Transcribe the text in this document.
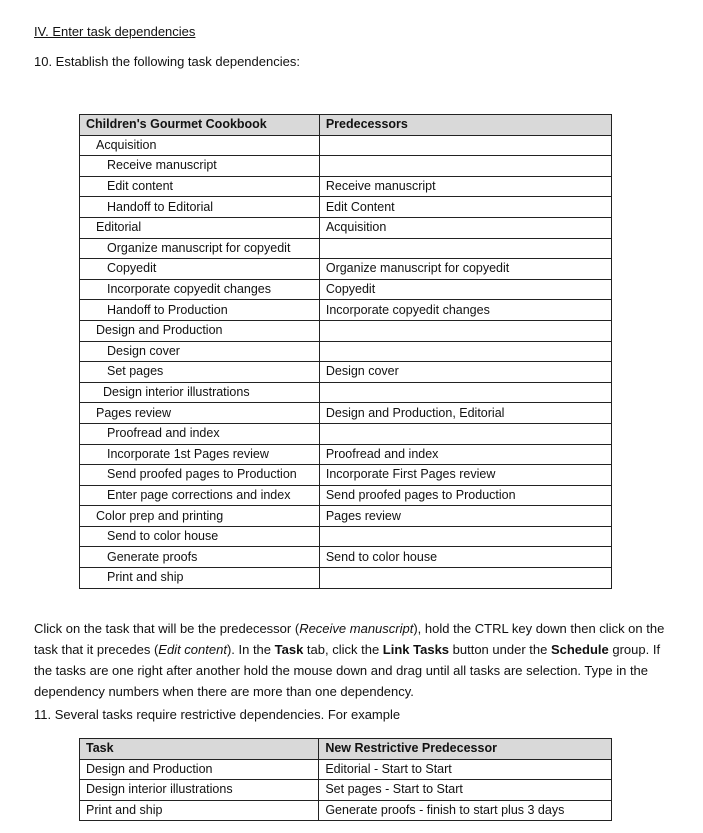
IV. Enter task dependencies
10. Establish the following task dependencies:
Children's Gourmet Cookbook	Predecessors
Acquisition	
Receive manuscript	
Edit content	Receive manuscript
Handoff to Editorial	Edit Content
Editorial	Acquisition
Organize manuscript for copyedit	
Copyedit	Organize manuscript for copyedit
Incorporate copyedit changes	Copyedit
Handoff to Production	Incorporate copyedit changes
Design and Production	
Design cover	
Set pages	Design cover
Design interior illustrations	
Pages review	Design and Production, Editorial
Proofread and index	
Incorporate 1st Pages review	Proofread and index
Send proofed pages to Production	Incorporate First Pages review
Enter page corrections and index	Send proofed pages to Production
Color prep and printing	Pages review
Send to color house	
Generate proofs	Send to color house
Print and ship	
Click on the task that will be the predecessor (Receive manuscript), hold the CTRL key down then click on the task that it precedes (Edit content). In the Task tab, click the Link Tasks button under the Schedule group. If the tasks are one right after another hold the mouse down and drag until all tasks are selection. Type in the dependency numbers when there are more than one dependency.
11. Several tasks require restrictive dependencies. For example
Task	New Restrictive Predecessor
Design and Production	Editorial - Start to Start
Design interior illustrations	Set pages - Start to Start
Print and ship	Generate proofs - finish to start plus 3 days
